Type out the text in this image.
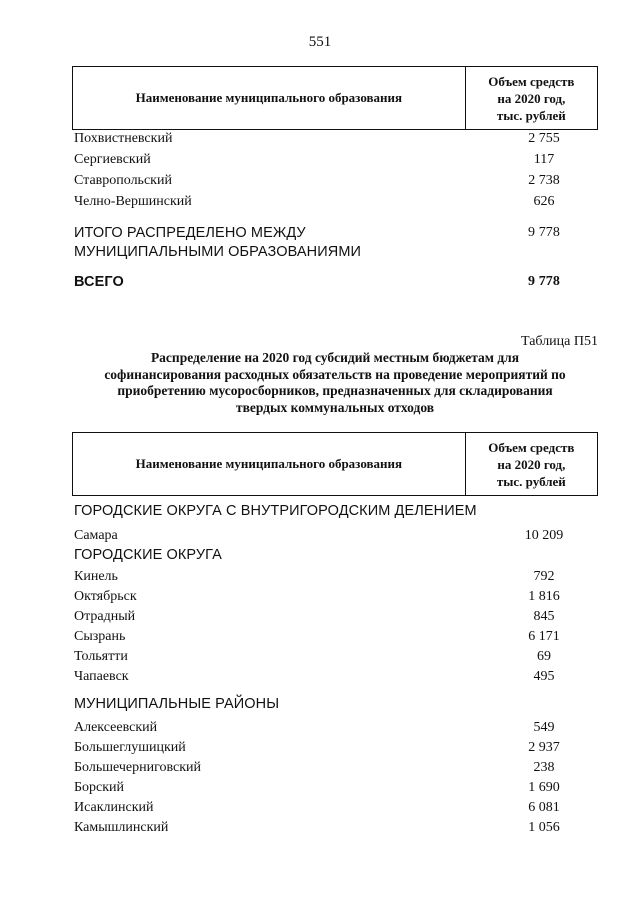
551
Наименование муниципального образования	
Объем средств
на 2020 год,
тыс. рублей
Похвистневский	2 755
Сергиевский	117
Ставропольский	2 738
Челно-Вершинский	626
ИТОГО РАСПРЕДЕЛЕНО МЕЖДУ	9 778
МУНИЦИПАЛЬНЫМИ ОБРАЗОВАНИЯМИ
ВСЕГО	9 778
Таблица П51
Распределение на 2020 год субсидий местным бюджетам для
софинансирования расходных обязательств на проведение мероприятий по
приобретению мусоросборников, предназначенных для складирования
твердых коммунальных отходов
Наименование муниципального образования	
Объем средств
на 2020 год,
тыс. рублей
ГОРОДСКИЕ ОКРУГА С ВНУТРИГОРОДСКИМ ДЕЛЕНИЕМ
Самара	10 209
ГОРОДСКИЕ ОКРУГА
Кинель	792
Октябрьск	1 816
Отрадный	845
Сызрань	6 171
Тольятти	69
Чапаевск	495
МУНИЦИПАЛЬНЫЕ РАЙОНЫ
Алексеевский	549
Большеглушицкий	2 937
Большечерниговский	238
Борский	1 690
Исаклинский	6 081
Камышлинский	1 056
